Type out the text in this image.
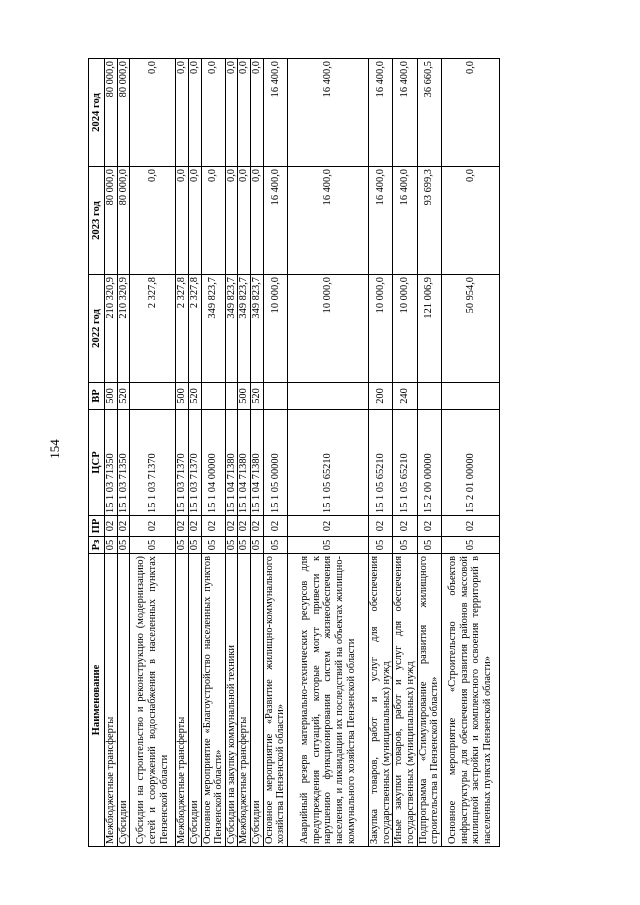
154
Наименование	Рз	ПР	ЦСР	ВР	2022 год	2023 год	2024 год
Межбюджетные трансферты	05	02	15 1 03 71350	500	210 320,9	80 000,0	80 000,0
Субсидии	05	02	15 1 03 71350	520	210 320,9	80 000,0	80 000,0
Субсидии на строительство и реконструкцию (модернизацию) сетей и сооружений водоснабжения в населенных пунктах Пензенской области	05	02	15 1 03 71370		2 327,8	0,0	0,0
Межбюджетные трансферты	05	02	15 1 03 71370	500	2 327,8	0,0	0,0
Субсидии	05	02	15 1 03 71370	520	2 327,8	0,0	0,0
Основное мероприятие «Благоустройство населенных пунктов Пензенской области»	05	02	15 1 04 00000		349 823,7	0,0	0,0
Субсидии на закупку коммунальной техники	05	02	15 1 04 71380		349 823,7	0,0	0,0
Межбюджетные трансферты	05	02	15 1 04 71380	500	349 823,7	0,0	0,0
Субсидии	05	02	15 1 04 71380	520	349 823,7	0,0	0,0
Основное мероприятие «Развитие жилищно-коммунального хозяйства Пензенской области»	05	02	15 1 05 00000		10 000,0	16 400,0	16 400,0
Аварийный резерв материально-технических ресурсов для предупреждения ситуаций, которые могут привести к нарушению функционирования систем жизнеобеспечения населения, и ликвидации их последствий на объектах жилищно-коммунального хозяйства Пензенской области	05	02	15 1 05 65210		10 000,0	16 400,0	16 400,0
Закупка товаров, работ и услуг для обеспечения государственных (муниципальных) нужд	05	02	15 1 05 65210	200	10 000,0	16 400,0	16 400,0
Иные закупки товаров, работ и услуг для обеспечения государственных (муниципальных) нужд	05	02	15 1 05 65210	240	10 000,0	16 400,0	16 400,0
Подпрограмма «Стимулирование развития жилищного строительства в Пензенской области»	05	02	15 2 00 00000		121 006,9	93 699,3	36 660,5
Основное мероприятие «Строительство объектов инфраструктуры для обеспечения развития районов массовой жилищной застройки и комплексного освоения территорий в населенных пунктах Пензенской области»	05	02	15 2 01 00000		50 954,0	0,0	0,0
